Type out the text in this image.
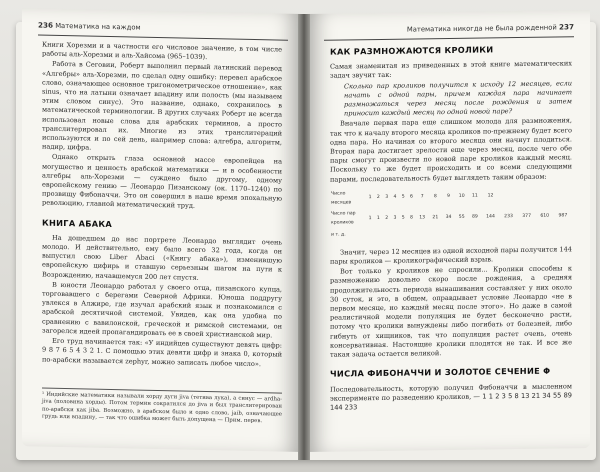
236 Математика на каждом

Книги Хорезми и в частности его числовое значение, в том числе работы аль-Хорезми и аль-Хайсома (965–1039).

Работа в Сеговии, Роберт выполнил первый латинский перевод «Алгебры» аль-Хорезми, по сделал одну ошибку: перевел арабское слово, означающее основное тригонометрическое отношение», как sinus, что на латыни означает впадину или полость (мы называем этим словом синус). Это название, однако, сохранилось в математической терминологии. В других случаях Роберт не всегда использовал новые слова для арабских терминов, а просто транслитерировал их. Многие из этих транслитераций используются и по сей день, например слова: алгебра, алгоритм, надир, цифра.

Однако открыть глаза основной массе европейцев на могущество и ценность арабской математики — и в особенности алгебры аль-Хорезми — суждено было другому, одному европейскому гению — Леонардо Пизанскому (ок. 1170–1240) по прозвищу Фибоначчи. Это он совершил в наше время эпохальную революцию, главной математический труд.

КНИГА АБАКА

На дошедшем до нас портрете Леонардо выглядит очень молодо. И действительно, ему было всего 32 года, когда он выпустил свою Liber Abaci («Книгу абака»), изменившую европейскую цифирь и ставшую серьезным шагом на пути к Возрождению, начавшемуся 200 лет спустя.

В юности Леонардо работал у своего отца, пизанского купца, торговавшего с берегами Северной Африки. Юноша поддругу увлекся в Алжире, где изучал арабский язык и познакомился с арабской десятичной системой. Увидев, как она удобна по сравнению с вавилонской, греческой и римской системами, он загорелся идеей пропагандировать ее в своей христианской мир.

Его труд начинается так: «У индийцев существуют девять цифр: 9 8 7 6 5 4 3 2 1. С помощью этих девяти цифр и знака 0, который по-арабски называется zephyr, можно записать любое число».

¹ Индийские математики называли хорду дуги jiva (тетива лука), а синус — ardha-jiva (половина хорды). Потом термин сократился до jiva и был транслитерирован по-арабски как jiba. Возможно, в арабском было и одно слово, jaib, означающее грудь или впадину, — так что ошибка может быть допущена — Прим. перев.
Математика никогда не была рожденной 237
КАК РАЗМНОЖАЮТСЯ КРОЛИКИ

Самая знаменитая из приведенных в этой книге математических задач звучит так:

Сколько пар кроликов получится к исходу 12 месяцев, если начать с одной пары, причем каждая пара начинает размножаться через месяц после рождения и затем приносит каждый месяц по одной новой паре?

Вначале первая пара еще слишком молода для размножения, так что к началу второго месяца кроликов по-прежнему будет всего одна пара. Но начиная со второго месяца они начнут плодиться. Вторая пара достигает зрелости еще через месяц, после чего обе пары смогут произвести по новой паре кроликов каждый месяц. Поскольку то же будет происходить и со всеми следующими парами, последовательность будет выглядеть таким образом:

Число месяцев	1	2	3	4	5	6	7	8	9	10	11	12				
Число пар кроликов	1	1	2	3	5	8	13	21	34	55	89	144	233	377	610	987
и т. д.																

Значит, через 12 месяцев из одной исходной пары получится 144 пары кроликов — кроликографический взрыв.

Вот только у кроликов не спросили... Кролики способны к размножению довольно скоро после рождения, а средняя продолжительность периода вынашивания составляет у них около 30 суток, и это, в общем, оправдывает условие Леонардо «не в первом месяце, но каждый месяц после этого». Но даже в самой реалистичной модели популяция не будет бесконечно расти, потому что кролики вынуждены либо погибать от болезней, либо гибнуть от хищников, так что популяция растет очень, очень консервативная. Настоящие кролики плодятся не так. И все же такая задача остается великой.

ЧИСЛА ФИБОНАЧЧИ И ЗОЛОТОЕ СЕЧЕНИЕ Φ

Последовательность, которую получил Фибоначчи в мысленном эксперименте по разведению кроликов, — 1 1 2 3 5 8 13 21 34 55 89 144 233
